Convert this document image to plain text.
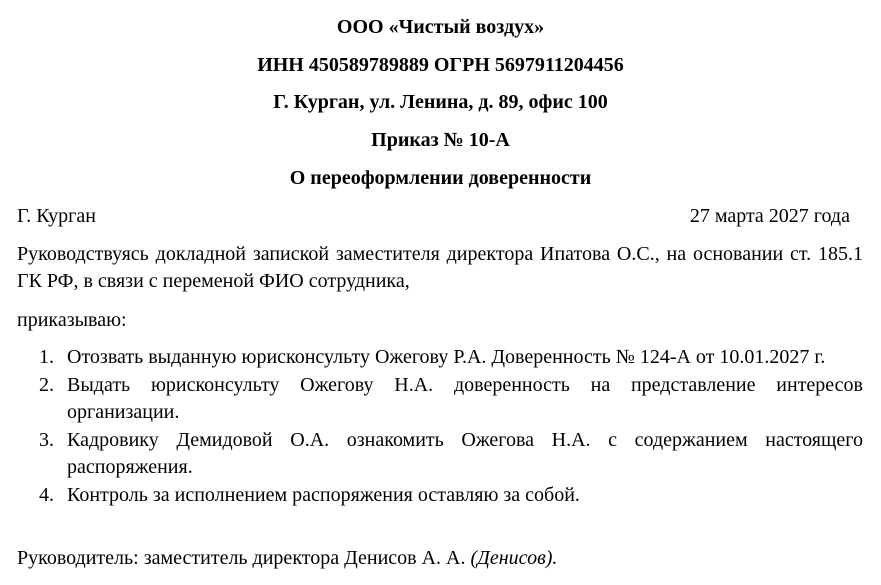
ООО «Чистый воздух»
ИНН 450589789889 ОГРН 5697911204456
Г. Курган, ул. Ленина, д. 89, офис 100
Приказ № 10-А
О переоформлении доверенности
Г. Курган	27 марта 2027 года
Руководствуясь докладной запиской заместителя директора Ипатова О.С., на основании ст. 185.1 ГК РФ, в связи с переменой ФИО сотрудника,
приказываю:
1. Отозвать выданную юрисконсульту Ожегову Р.А. Доверенность № 124-А от 10.01.2027 г.
2. Выдать юрисконсульту Ожегову Н.А. доверенность на представление интересов организации.
3. Кадровику Демидовой О.А. ознакомить Ожегова Н.А. с содержанием настоящего распоряжения.
4. Контроль за исполнением распоряжения оставляю за собой.
Руководитель: заместитель директора Денисов А. А. (Денисов).
